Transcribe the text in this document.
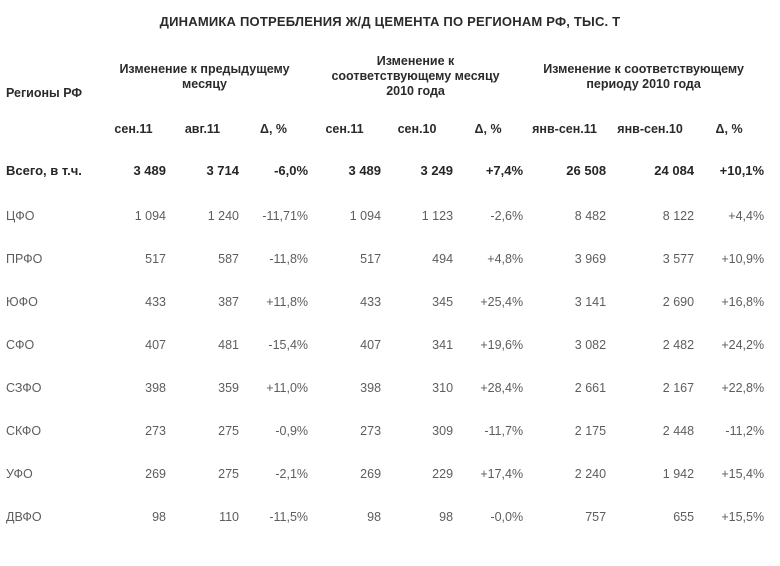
ДИНАМИКА ПОТРЕБЛЕНИЯ Ж/Д ЦЕМЕНТА ПО РЕГИОНАМ РФ, ТЫС. Т
Регионы РФ	Изменение к предыдущему месяцу			Изменение к соответствующему месяцу 2010 года			Изменение к соответствующему периоду 2010 года		
	сен.11	авг.11	Δ, %	сен.11	сен.10	Δ, %	янв-сен.11	янв-сен.10	Δ, %
Всего, в т.ч.	3 489	3 714	-6,0%	3 489	3 249	+7,4%	26 508	24 084	+10,1%
ЦФО	1 094	1 240	-11,71%	1 094	1 123	-2,6%	8 482	8 122	+4,4%
ПРФО	517	587	-11,8%	517	494	+4,8%	3 969	3 577	+10,9%
ЮФО	433	387	+11,8%	433	345	+25,4%	3 141	2 690	+16,8%
СФО	407	481	-15,4%	407	341	+19,6%	3 082	2 482	+24,2%
СЗФО	398	359	+11,0%	398	310	+28,4%	2 661	2 167	+22,8%
СКФО	273	275	-0,9%	273	309	-11,7%	2 175	2 448	-11,2%
УФО	269	275	-2,1%	269	229	+17,4%	2 240	1 942	+15,4%
ДВФО	98	110	-11,5%	98	98	-0,0%	757	655	+15,5%
